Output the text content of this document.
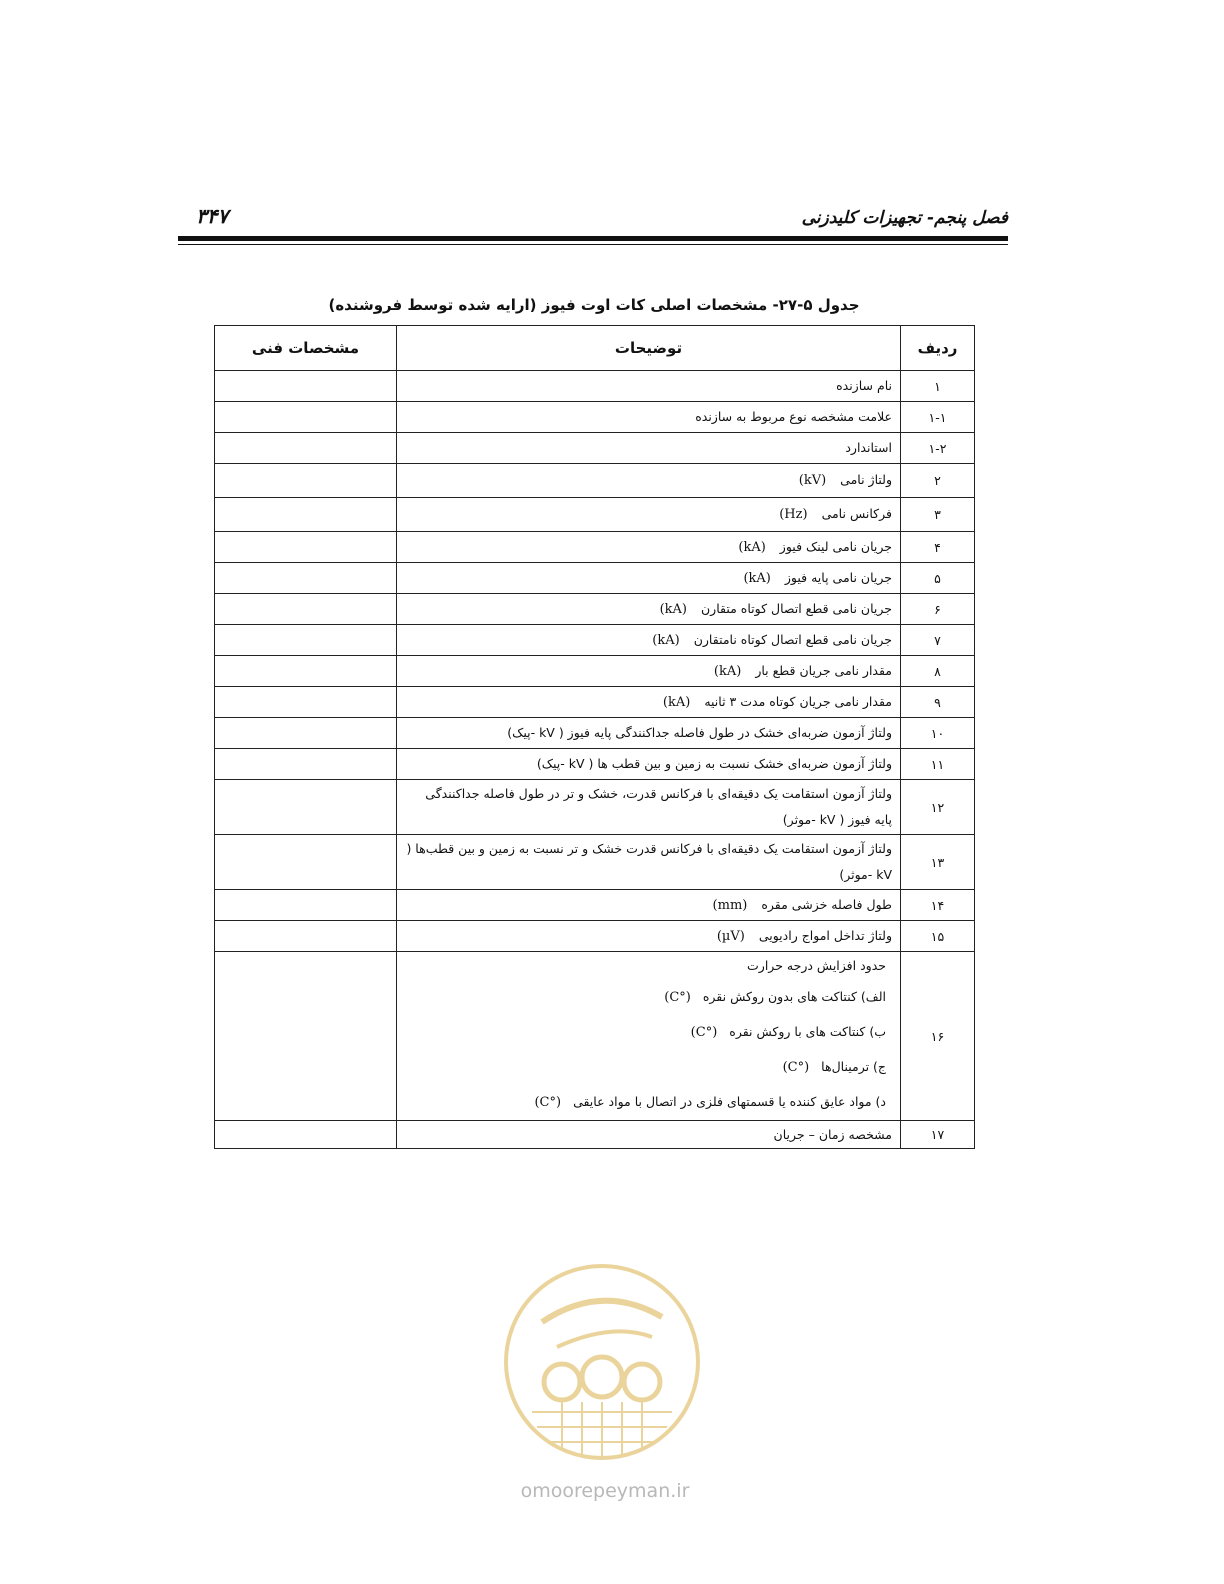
فصل پنجم- تجهیزات کلیدزنی
۳۴۷
جدول ۵-۲۷- مشخصات اصلی کات اوت فیوز (ارایه شده توسط فروشنده)
ردیف	توضیحات	مشخصات فنی
۱	نام سازنده	
۱-۱	علامت مشخصه نوع مربوط به سازنده	
۱-۲	استاندارد	
۲	ولتاژ نامی( kV )	
۳	فرکانس نامی( Hz )	
۴	جریان نامی لینک فیوز( kA )	
۵	جریان نامی پایه فیوز( kA )	
۶	جریان نامی قطع اتصال کوتاه متقارن( kA )	
۷	جریان نامی قطع اتصال کوتاه نامتقارن( kA )	
۸	مقدار نامی جریان قطع بار( kA )	
۹	مقدار نامی جریان کوتاه مدت ۳ ثانیه( kA )	
۱۰	ولتاژ آزمون ضربه‌ای خشک در طول فاصله جداکنندگی پایه فیوز ( kV -پیک)	
۱۱	ولتاژ آزمون ضربه‌ای خشک نسبت به زمین و بین قطب ها ( kV -پیک)	
۱۲	ولتاژ آزمون استقامت یک دقیقه‌ای با فرکانس قدرت، خشک و تر در طول فاصله جداکنندگی پایه فیوز ( kV -موثر)	
۱۳	ولتاژ آزمون استقامت یک دقیقه‌ای با فرکانس قدرت خشک و تر نسبت به زمین و بین قطب‌ها ( kV -موثر)	
۱۴	طول فاصله خزشی مقره( mm )	
۱۵	ولتاژ تداخل امواج رادیویی( µV )	
۱۶	حدود افزایش درجه حرارت
الف) کنتاکت های بدون روکش نقره( °C )
ب) کنتاکت های با روکش نقره( °C )
ج) ترمینال‌ها( °C )
د) مواد عایق کننده یا قسمتهای فلزی در اتصال با مواد عایقی( °C )

۱۷	مشخصه زمان – جریان	
omoorepeyman.ir
